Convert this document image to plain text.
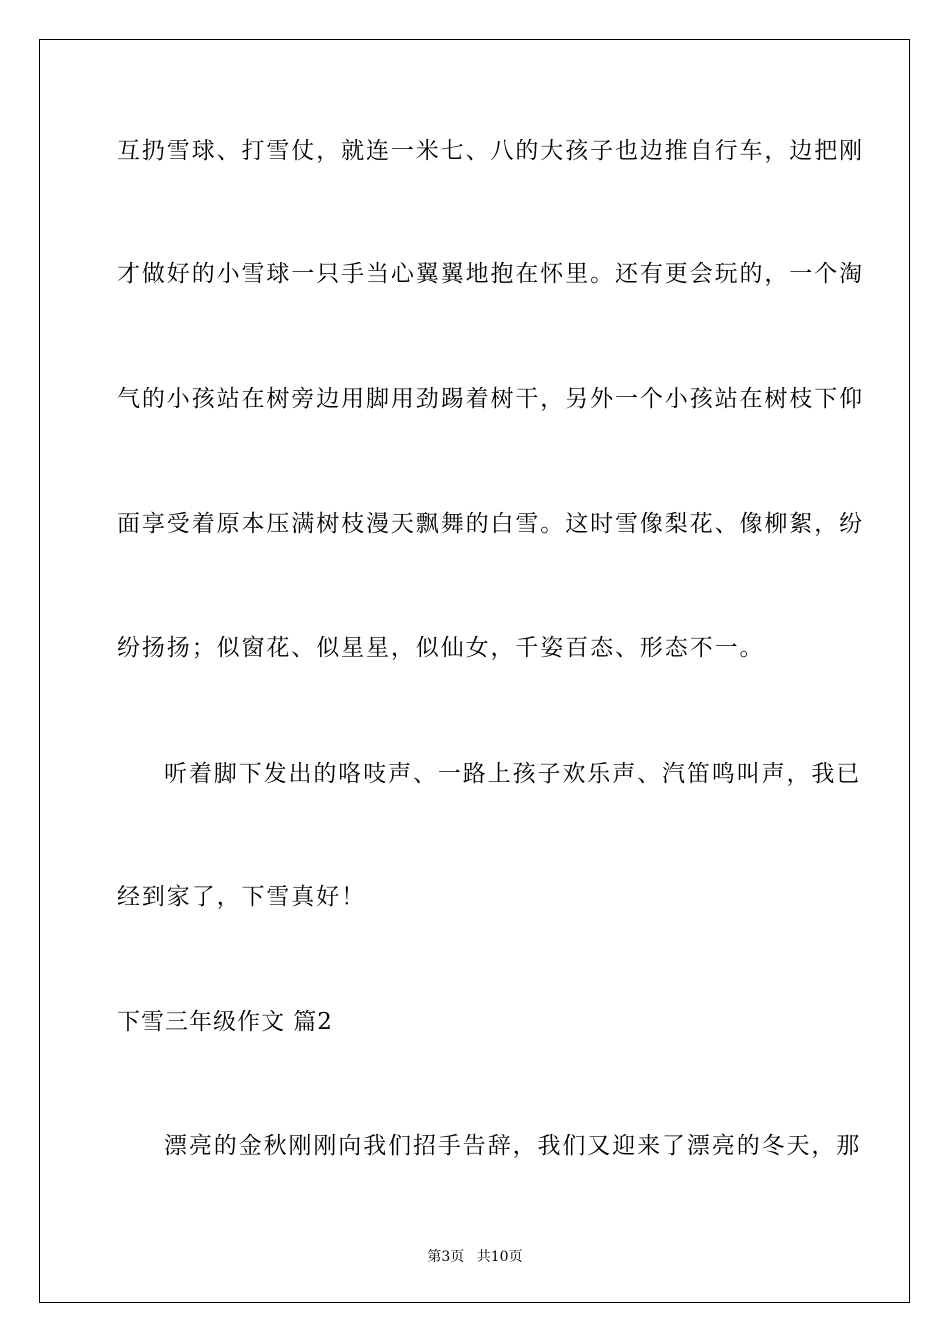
互扔雪球、打雪仗，就连一米七、八的大孩子也边推自行车，边把刚
才做好的小雪球一只手当心翼翼地抱在怀里。还有更会玩的，一个淘
气的小孩站在树旁边用脚用劲踢着树干，另外一个小孩站在树枝下仰
面享受着原本压满树枝漫天飘舞的白雪。这时雪像梨花、像柳絮，纷
纷扬扬；似窗花、似星星，似仙女，千姿百态、形态不一。
听着脚下发出的咯吱声、一路上孩子欢乐声、汽笛鸣叫声，我已
经到家了，下雪真好！
下雪三年级作文 篇2
漂亮的金秋刚刚向我们招手告辞，我们又迎来了漂亮的冬天，那
第3页 共10页
